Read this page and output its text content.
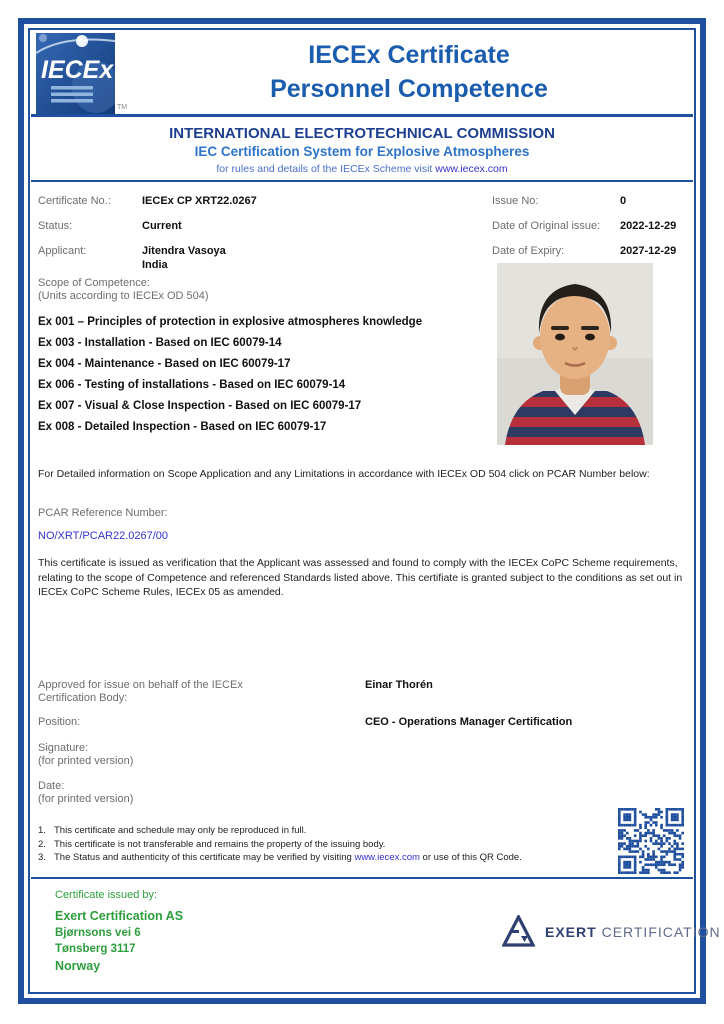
IECEx
TM
IECEx Certificate
Personnel Competence
INTERNATIONAL ELECTROTECHNICAL COMMISSION
IEC Certification System for Explosive Atmospheres
for rules and details of the IECEx Scheme visit www.iecex.com
Certificate No.:	IECEx CP XRT22.0267	Issue No:	0
Status:	Current	Date of Original issue: 2022-12-29
Applicant:	Jitendra Vasoya
India
Date of Expiry:	2027-12-29
Scope of Competence:
(Units according to IECEx OD 504)
Ex 001 – Principles of protection in explosive atmospheres knowledge
Ex 003 - Installation - Based on IEC 60079-14
Ex 004 - Maintenance - Based on IEC 60079-17
Ex 006 - Testing of installations - Based on IEC 60079-14
Ex 007 - Visual & Close Inspection - Based on IEC 60079-17
Ex 008 - Detailed Inspection - Based on IEC 60079-17
For Detailed information on Scope Application and any Limitations in accordance with IECEx OD 504 click on PCAR Number below:
PCAR Reference Number:
NO/XRT/PCAR22.0267/00
This certificate is issued as verification that the Applicant was assessed and found to comply with the IECEx CoPC Scheme requirements, relating to the scope of Competence and referenced Standards listed above. This certifiate is granted subject to the conditions as set out in IECEx CoPC Scheme Rules, IECEx 05 as amended.
Approved for issue on behalf of the IECEx
Certification Body:
Einar Thorén
Position:	CEO - Operations Manager Certification
Signature:
(for printed version)
Date:
(for printed version)
1. This certificate and schedule may only be reproduced in full.
2. This certificate is not transferable and remains the property of the issuing body.
3. The Status and authenticity of this certificate may be verified by visiting www.iecex.com or use of this QR Code.
Certificate issued by:
Exert Certification AS
Bjørnsons vei 6
Tønsberg 3117
Norway
EXERT CERTIFICATION
